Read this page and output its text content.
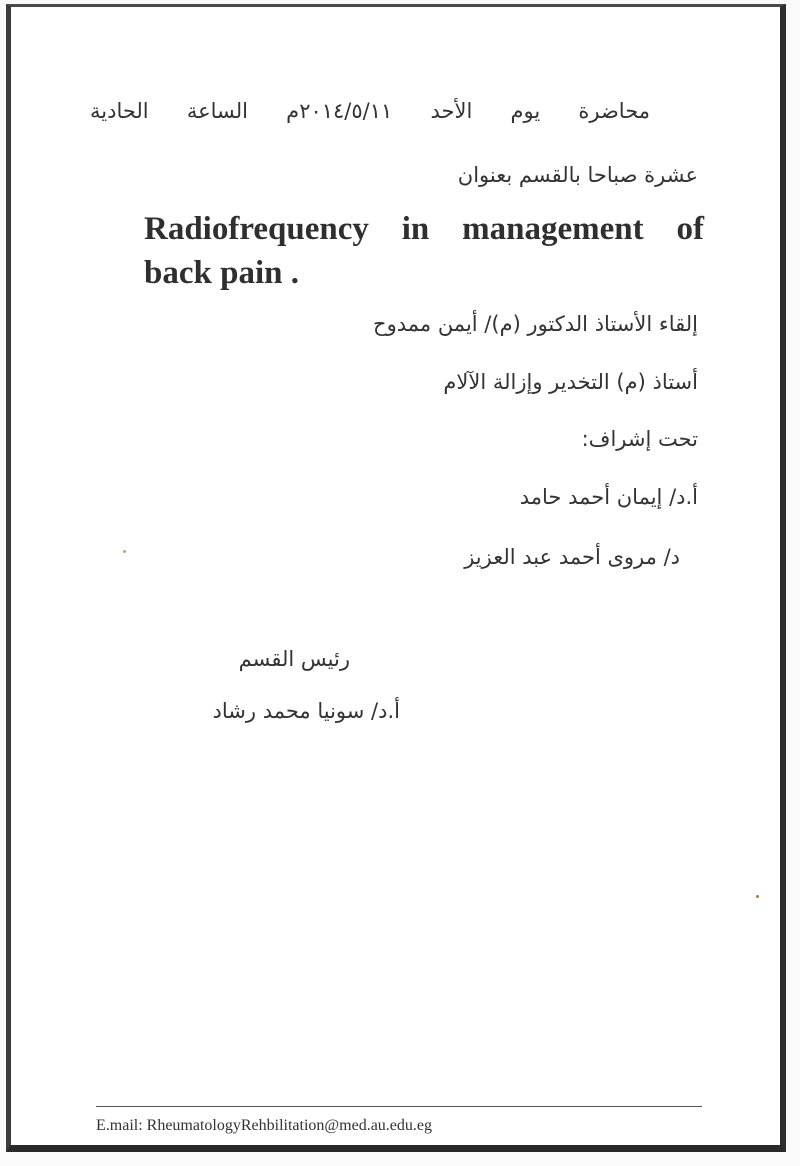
محاضرة يوم الأحد ٢٠١٤/٥/١١م الساعة الحادية
عشرة صباحا بالقسم بعنوان
Radiofrequency in management of back pain .
إلقاء الأستاذ الدكتور (م)/ أيمن ممدوح
أستاذ (م) التخدير وإزالة الآلام
تحت إشراف:
أ.د/ إيمان أحمد حامد
د/ مروى أحمد عبد العزيز
رئيس القسم
أ.د/ سونيا محمد رشاد
E.mail: RheumatologyRehbilitation@med.au.edu.eg
